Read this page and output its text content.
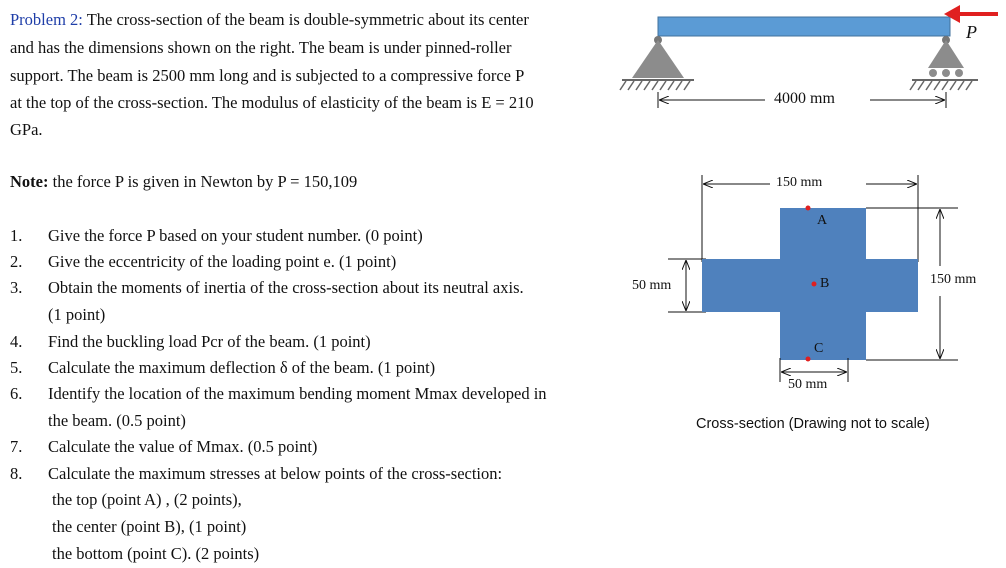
Problem 2: The cross-section of the beam is double-symmetric about its center
and has the dimensions shown on the right. The beam is under pinned-roller
support. The beam is 2500 mm long and is subjected to a compressive force P
at the top of the cross-section. The modulus of elasticity of the beam is E = 210
GPa.
Note: the force P is given in Newton by P = 150,109
1. Give the force P based on your student number. (0 point)
2. Give the eccentricity of the loading point e. (1 point)
3. Obtain the moments of inertia of the cross-section about its neutral axis.
(1 point)
4. Find the buckling load Pcr of the beam. (1 point)
5. Calculate the maximum deflection δ of the beam. (1 point)
6. Identify the location of the maximum bending moment Mmax developed in
the beam. (0.5 point)
7. Calculate the value of Mmax. (0.5 point)
8. Calculate the maximum stresses at below points of the cross-section:
the top (point A) , (2 points),
the center (point B), (1 point)
the bottom (point C). (2 points)
P
4000 mm
150 mm
150 mm
50 mm
50 mm
A
B
C
Cross-section (Drawing not to scale)
